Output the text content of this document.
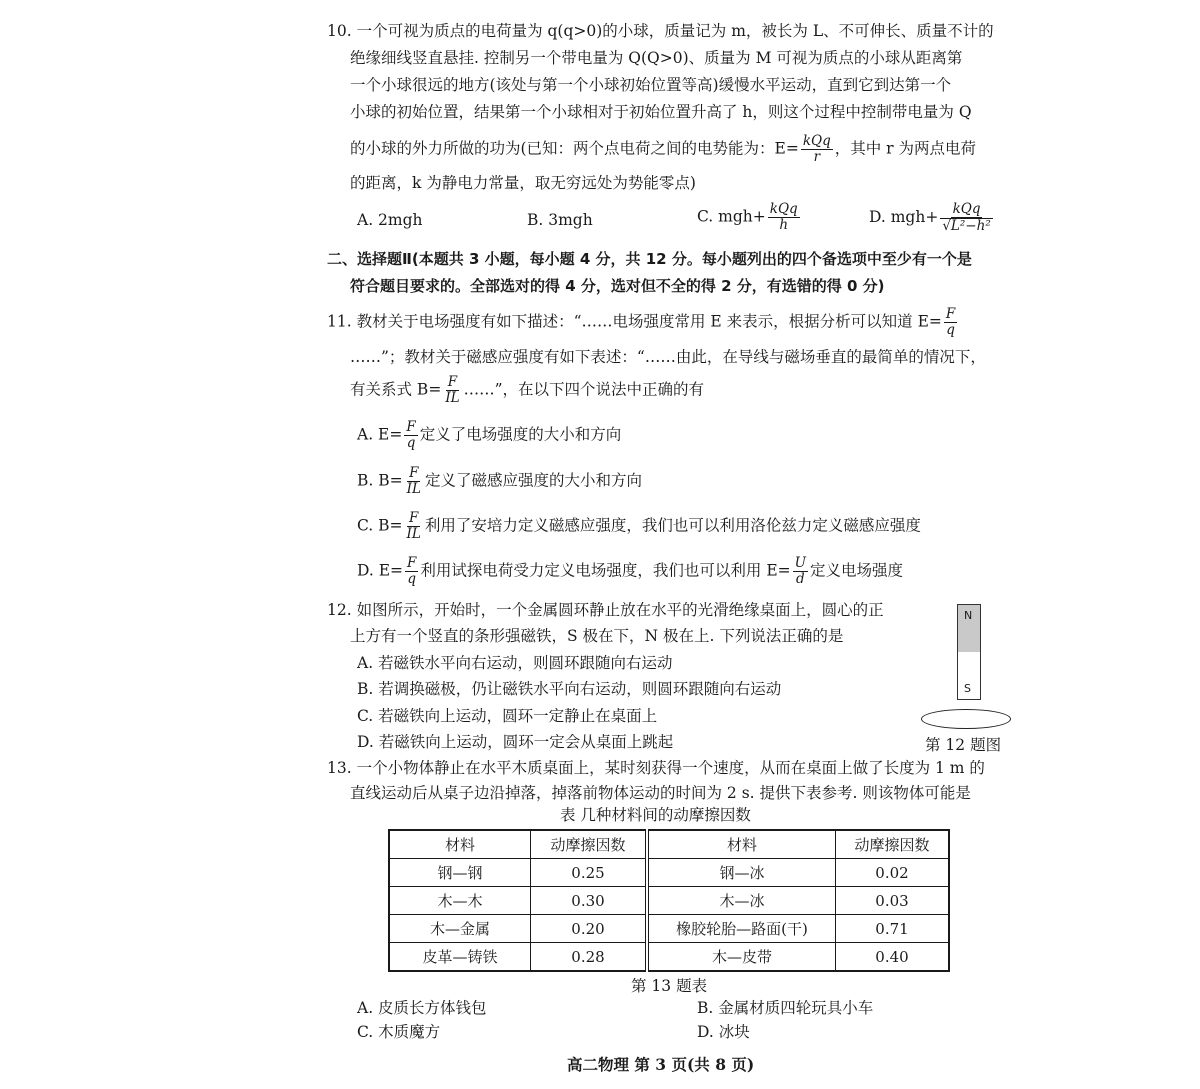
10. 一个可视为质点的电荷量为 q(q>0)的小球，质量记为 m，被长为 L、不可伸长、质量不计的
绝缘细线竖直悬挂. 控制另一个带电量为 Q(Q>0)、质量为 M 可视为质点的小球从距离第
一个小球很远的地方(该处与第一个小球初始位置等高)缓慢水平运动，直到它到达第一个
小球的初始位置，结果第一个小球相对于初始位置升高了 h，则这个过程中控制带电量为 Q
的小球的外力所做的功为(已知：两个点电荷之间的电势能为：$E= \frac{\text{kQq}}{r}$ ，其中 r 为两点电荷
的距离，k 为静电力常量，取无穷远处为势能零点)
A. 2mgh	B. 3mgh	C. $mgh+ \frac{\text{kQq}}{h}$	D. $mgh+ \frac{\text{kQq}}{\text{√L²−h²}}$
二、选择题Ⅱ(本题共 3 小题，每小题 4 分，共 12 分。每小题列出的四个备选项中至少有一个是
符合题目要求的。全部选对的得 4 分，选对但不全的得 2 分，有选错的得 0 分)
11. 教材关于电场强度有如下描述：“……电场强度常用 E 来表示，根据分析可以知道 $E= \frac{F}{q}$
……”；教材关于磁感应强度有如下表述：“……由此，在导线与磁场垂直的最简单的情况下，
有关系式 $B= \frac{F}{IL}$ ……”，在以下四个说法中正确的有
A. $E= \frac{F}{q}$ 定义了电场强度的大小和方向
B. $B= \frac{F}{IL}$ 定义了磁感应强度的大小和方向
C. $B= \frac{F}{IL}$ 利用了安培力定义磁感应强度，我们也可以利用洛伦兹力定义磁感应强度
D. $E= \frac{F}{q}$ 利用试探电荷受力定义电场强度，我们也可以利用 $E= \frac{U}{d}$ 定义电场强度
12. 如图所示，开始时，一个金属圆环静止放在水平的光滑绝缘桌面上，圆心的正
上方有一个竖直的条形强磁铁，S 极在下，N 极在上. 下列说法正确的是
A. 若磁铁水平向右运动，则圆环跟随向右运动
B. 若调换磁极，仍让磁铁水平向右运动，则圆环跟随向右运动
C. 若磁铁向上运动，圆环一定静止在桌面上
D. 若磁铁向上运动，圆环一定会从桌面上跳起
N
S
第 12 题图
13. 一个小物体静止在水平木质桌面上，某时刻获得一个速度，从而在桌面上做了长度为 1 m 的
直线运动后从桌子边沿掉落，掉落前物体运动的时间为 2 s. 提供下表参考. 则该物体可能是
表 几种材料间的动摩擦因数
材料	动摩擦因数	材料	动摩擦因数
钢—钢	0.25	钢—冰	0.02
木—木	0.30	木—冰	0.03
木—金属	0.20	橡胶轮胎—路面(干)	0.71
皮革—铸铁	0.28	木—皮带	0.40
第 13 题表
A. 皮质长方体钱包	B. 金属材质四轮玩具小车
C. 木质魔方	D. 冰块
高二物理 第 3 页(共 8 页)
